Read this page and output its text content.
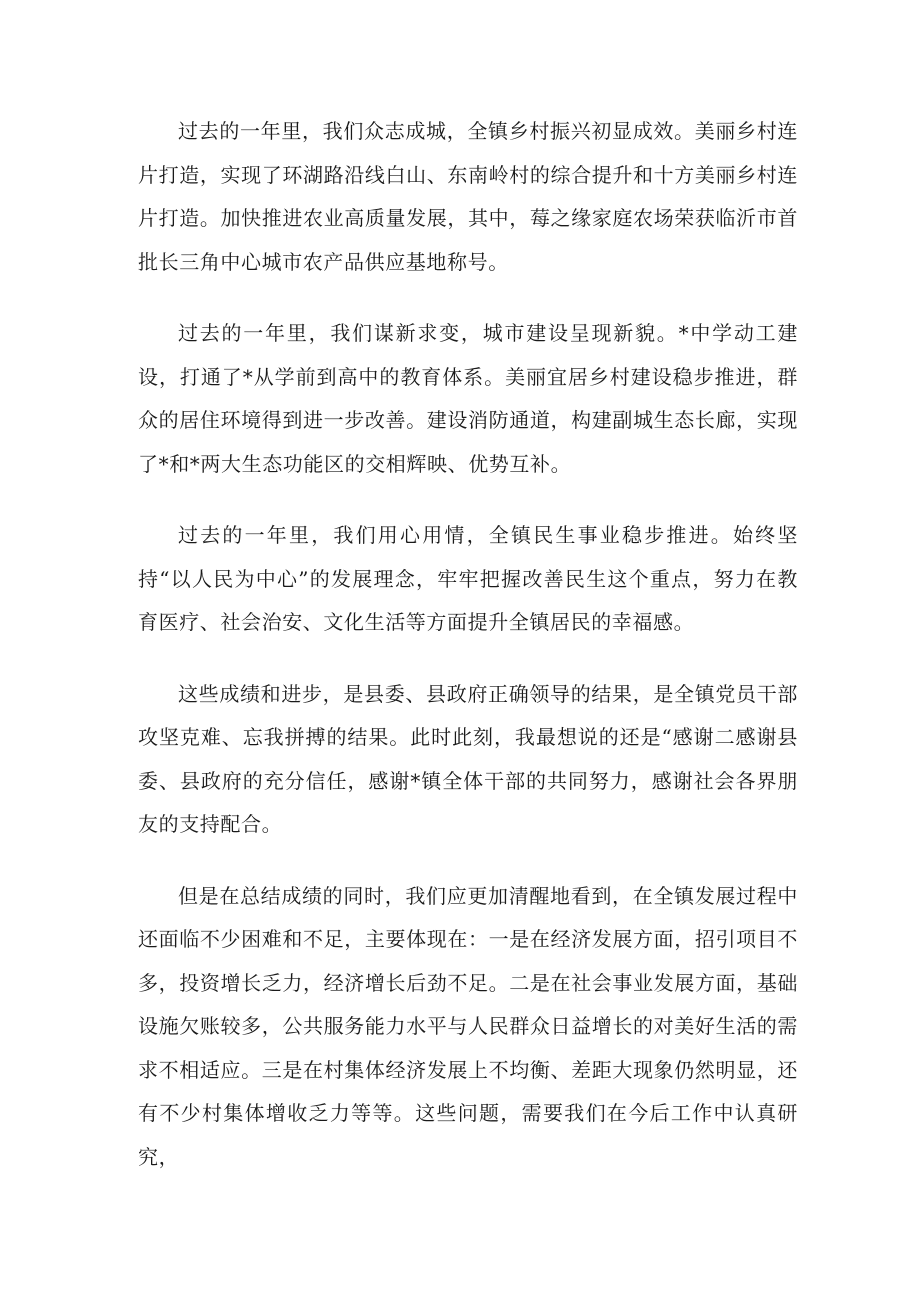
过去的一年里，我们众志成城，全镇乡村振兴初显成效。美丽乡村连片打造，实现了环湖路沿线白山、东南岭村的综合提升和十方美丽乡村连片打造。加快推进农业高质量发展，其中，莓之缘家庭农场荣获临沂市首批长三角中心城市农产品供应基地称号。

过去的一年里，我们谋新求变，城市建设呈现新貌。*中学动工建设，打通了*从学前到高中的教育体系。美丽宜居乡村建设稳步推进，群众的居住环境得到进一步改善。建设消防通道，构建副城生态长廊，实现了*和*两大生态功能区的交相辉映、优势互补。

过去的一年里，我们用心用情，全镇民生事业稳步推进。始终坚持“以人民为中心”的发展理念，牢牢把握改善民生这个重点，努力在教育医疗、社会治安、文化生活等方面提升全镇居民的幸福感。

这些成绩和进步，是县委、县政府正确领导的结果，是全镇党员干部攻坚克难、忘我拼搏的结果。此时此刻，我最想说的还是“感谢二感谢县委、县政府的充分信任，感谢*镇全体干部的共同努力，感谢社会各界朋友的支持配合。

但是在总结成绩的同时，我们应更加清醒地看到，在全镇发展过程中还面临不少困难和不足，主要体现在：一是在经济发展方面，招引项目不多，投资增长乏力，经济增长后劲不足。二是在社会事业发展方面，基础设施欠账较多，公共服务能力水平与人民群众日益增长的对美好生活的需求不相适应。三是在村集体经济发展上不均衡、差距大现象仍然明显，还有不少村集体增收乏力等等。这些问题，需要我们在今后工作中认真研究，
